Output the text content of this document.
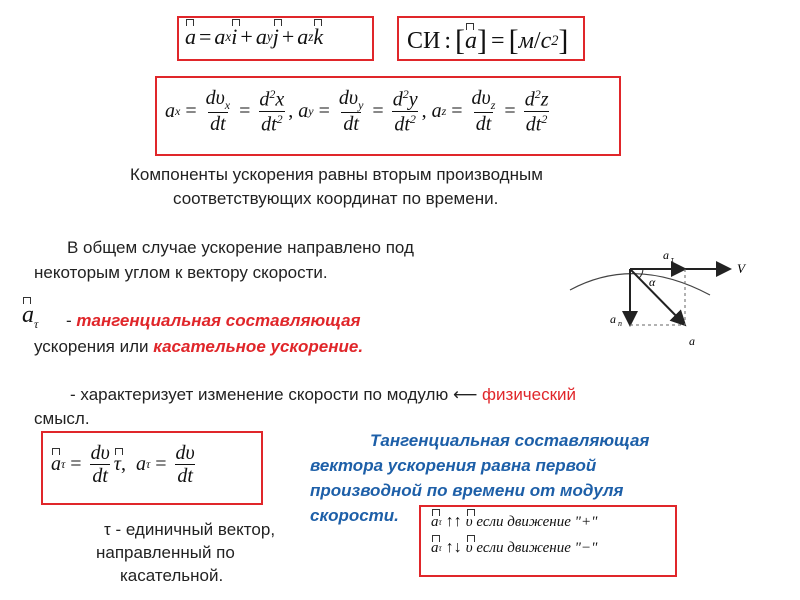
a = a x i + a y j + a z k	СИ : [ a ] = [ м / c 2 ]
a $x = \frac{d\upsilon_x}{dt} = \frac{d^2x}{dt^2}$ ,
a $y = \frac{d\upsilon_y}{dt} = \frac{d^2y}{dt^2}$ ,
a $z = \frac{d\upsilon_z}{dt} = \frac{d^2z}{dt^2}$
Компоненты ускорения равны вторым производным
соответствующих координат по времени.
В общем случае ускорение направлено под
некоторым углом к вектору скорости.
a τ
V
α
a n
a
$a_\tau$ - тангенциальная составляющая
ускорения или касательное ускорение.
- характеризует изменение скорости по модулю ⟵ физический
смысл.
a $\tau = \frac{d\upsilon}{dt}$ τ ,
a $\tau = \frac{d\upsilon}{dt}$
Тангенциальная составляющая
вектора ускорения равна первой
производной по времени от модуля
скорости.
τ - единичный вектор,
направленный по
касательной.
a τ ↑↑ υ
если движение "+"
a τ ↑↓ υ
если движение "−"
